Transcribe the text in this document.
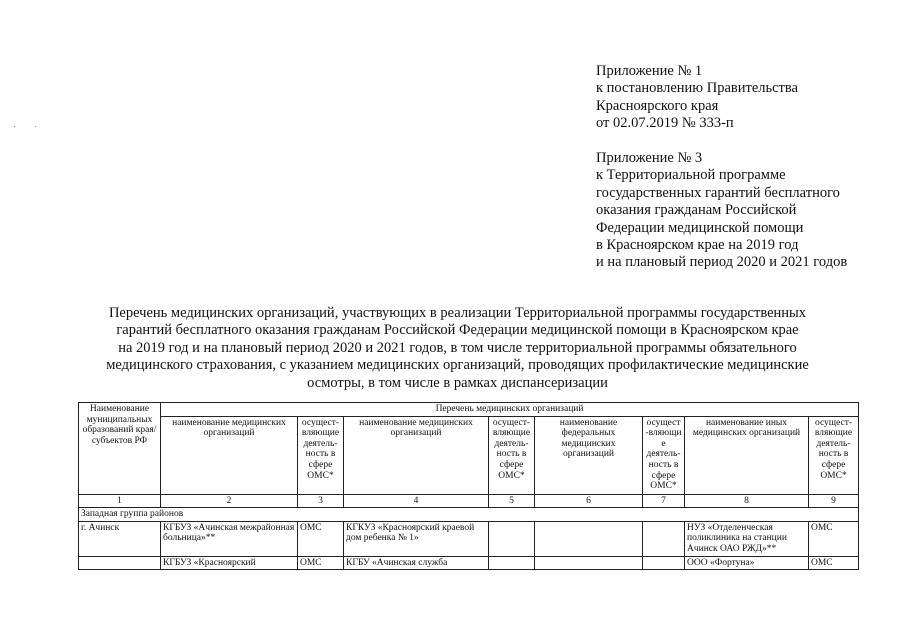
Приложение № 1
к постановлению Правительства
Красноярского края
от 02.07.2019 № 333-п
Приложение № 3
к Территориальной программе
государственных гарантий бесплатного
оказания гражданам Российской
Федерации медицинской помощи
в Красноярском крае на 2019 год
и на плановый период 2020 и 2021 годов
Перечень медицинских организаций, участвующих в реализации Территориальной программы государственных
гарантий бесплатного оказания гражданам Российской Федерации медицинской помощи в Красноярском крае
на 2019 год и на плановый период 2020 и 2021 годов, в том числе территориальной программы обязательного
медицинского страхования, с указанием медицинских организаций, проводящих профилактические медицинские
осмотры, в том числе в рамках диспансеризации
Наименование муниципальных образований края/субъектов РФ	Перечень медицинских организаций							
	наименование медицинских организаций	осущест-вляющие деятель-ность в сфере ОМС*	наименование медицинских организаций	осущест-вляющие деятель-ность в сфере ОМС*	наименование федеральных медицинских организаций	осущест-вляющие деятель-ность в сфере ОМС*	наименование иных медицинских организаций	осущест-вляющие деятель-ность в сфере ОМС*
1	2	3	4	5	6	7	8	9
Западная группа районов								
г. Ачинск	КГБУЗ «Ачинская межрайонная больница»**	ОМС	КГКУЗ «Красноярский краевой дом ребенка № 1»				НУЗ «Отделенческая поликлиника на станции Ачинск ОАО РЖД»**	ОМС
	КГБУЗ «Красноярский	ОМС	КГБУ «Ачинская служба				ООО «Фортуна»	ОМС
